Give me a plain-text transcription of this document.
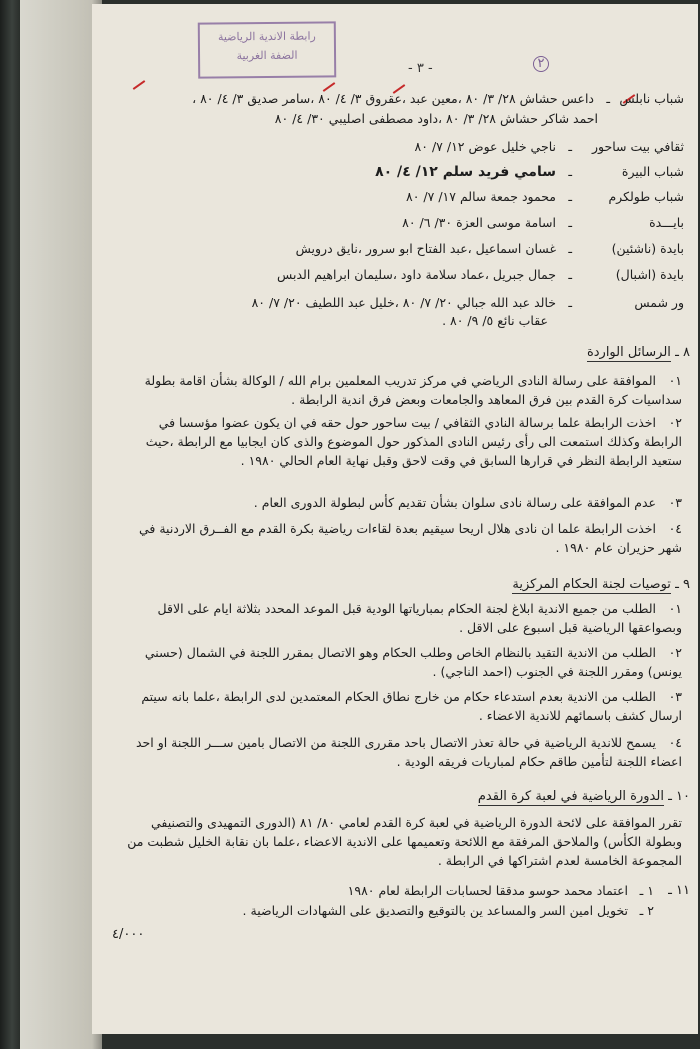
رابطة الاندية الرياضية
الضفة الغربية
- ٣ -	٢
شباب نابلسـداعس حشاش ٢٨/ ٣/ ٨٠ ،معين عبد ،عقروق ٣/ ٤/ ٨٠ ،سامر صديق ٣/ ٤/ ٨٠ ،
احمد شاكر حشاش ٢٨/ ٣/ ٨٠ ،داود مصطفى اصليبي ٣٠/ ٤/ ٨٠
ثقافي بيت ساحورـناجي خليل عوض ١٢/ ٧/ ٨٠
شباب البيرةـسامي فريد سلم ١٢/ ٤/ ٨٠
شباب طولكرمـمحمود جمعة سالم ١٧/ ٧/ ٨٠
بايـــدةـاسامة موسى العزة ٣٠/ ٦/ ٨٠
بايدة (ناشئين)ـغسان اسماعيل ،عبد الفتاح ابو سرور ،نايق درويش
بايدة (اشبال)ـجمال جبريل ،عماد سلامة داود ،سليمان ابراهيم الدبس
ور شمسـخالد عبد الله جبالي ٢٠/ ٧/ ٨٠ ،خليل عبد اللطيف ٢٠/ ٧/ ٨٠
عقاب نائع ٥/ ٩/ ٨٠ .
٨ ـ الرسائل الواردة
٠١ الموافقة على رسالة النادى الرياضي في مركز تدريب المعلمين برام الله / الوكالة بشأن اقامة بطولة سداسيات كرة القدم بين فرق المعاهد والجامعات وبعض فرق اندية الرابطة .
٠٢ اخذت الرابطة علما برسالة النادي الثقافي / بيت ساحور حول حقه في ان يكون عضوا مؤسسا في الرابطة وكذلك استمعت الى رأى رئيس النادى المذكور حول الموضوع والذى كان ايجابيا مع الرابطة ،حيث ستعيد الرابطة النظر في قرارها السابق في وقت لاحق وقبل نهاية العام الحالي ١٩٨٠ .
٠٣ عدم الموافقة على رسالة نادى سلوان بشأن تقديم كأس لبطولة الدورى العام .
٠٤ اخذت الرابطة علما ان نادى هلال اريحا سيقيم بعدة لقاءات رياضية بكرة القدم مع الفــرق الاردنية في شهر حزيران عام ١٩٨٠ .
٩ ـ توصيات لجنة الحكام المركزية
٠١ الطلب من جميع الاندية ابلاغ لجنة الحكام بمبارياتها الودية قبل الموعد المحدد بثلاثة ايام على الاقل وبصواعقها الرياضية قبل اسبوع على الاقل .
٠٢ الطلب من الاندية التقيد بالنظام الخاص وطلب الحكام وهو الاتصال بمقرر اللجنة في الشمال (حسني يونس) ومقرر اللجنة في الجنوب (احمد الناجي) .
٠٣ الطلب من الاندية بعدم استدعاء حكام من خارج نطاق الحكام المعتمدين لدى الرابطة ،علما بانه سيتم ارسال كشف باسمائهم للاندية الاعضاء .
٠٤ يسمح للاندية الرياضية في حالة تعذر الاتصال باحد مقررى اللجنة من الاتصال بامين ســـر اللجنة او احد اعضاء اللجنة لتأمين طاقم حكام لمباريات فريقه الودية .
١٠ ـ الدورة الرياضية في لعبة كرة القدم
تقرر الموافقة على لائحة الدورة الرياضية في لعبة كرة القدم لعامي ٨٠/ ٨١ (الدورى التمهيدى والتصنيفي وبطولة الكأس) والملاحق المرفقة مع اللائحة وتعميمها على الاندية الاعضاء ،علما بان نقابة الخليل شطبت من المجموعة الخامسة لعدم اشتراكها في الرابطة .
١١ ـ
١ ـ اعتماد محمد حوسو مدققا لحسابات الرابطة لعام ١٩٨٠
٢ ـ تخويل امين السر والمساعد ين بالتوقيع والتصديق على الشهادات الرياضية .
٤/٠٠٠
